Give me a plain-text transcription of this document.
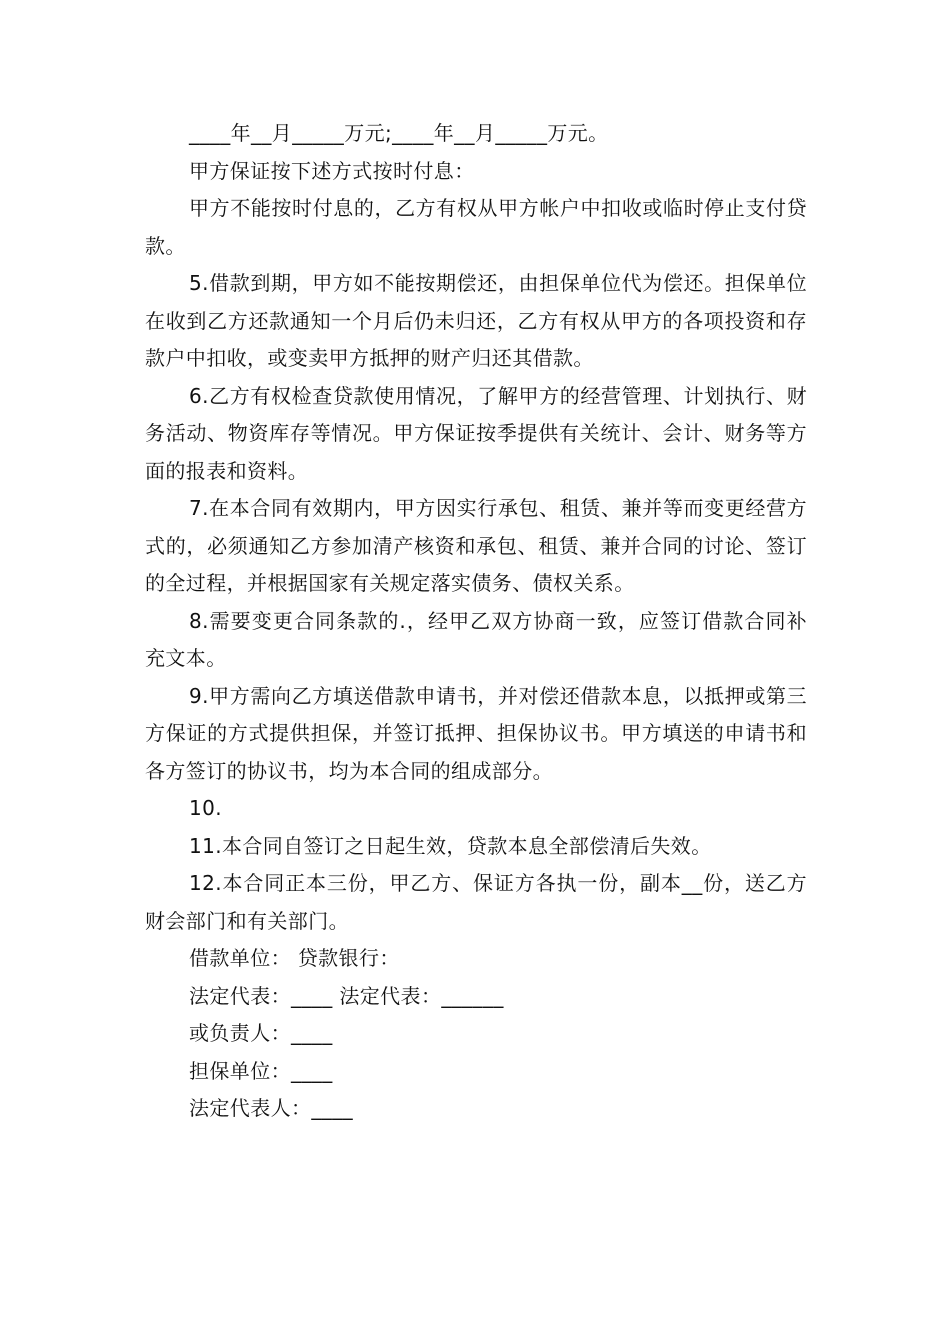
____年__月_____万元;____年__月_____万元。

甲方保证按下述方式按时付息：

甲方不能按时付息的，乙方有权从甲方帐户中扣收或临时停止支付贷款。

5.借款到期，甲方如不能按期偿还，由担保单位代为偿还。担保单位在收到乙方还款通知一个月后仍未归还，乙方有权从甲方的各项投资和存款户中扣收，或变卖甲方抵押的财产归还其借款。

6.乙方有权检查贷款使用情况，了解甲方的经营管理、计划执行、财务活动、物资库存等情况。甲方保证按季提供有关统计、会计、财务等方面的报表和资料。

7.在本合同有效期内，甲方因实行承包、租赁、兼并等而变更经营方式的，必须通知乙方参加清产核资和承包、租赁、兼并合同的讨论、签订的全过程，并根据国家有关规定落实债务、债权关系。

8.需要变更合同条款的.，经甲乙双方协商一致，应签订借款合同补充文本。

9.甲方需向乙方填送借款申请书，并对偿还借款本息，以抵押或第三方保证的方式提供担保，并签订抵押、担保协议书。甲方填送的申请书和各方签订的协议书，均为本合同的组成部分。

10.

11.本合同自签订之日起生效，贷款本息全部偿清后失效。

12.本合同正本三份，甲乙方、保证方各执一份，副本__份，送乙方财会部门和有关部门。

借款单位： 贷款银行：

法定代表：____ 法定代表：______

或负责人：____

担保单位：____

法定代表人：____
